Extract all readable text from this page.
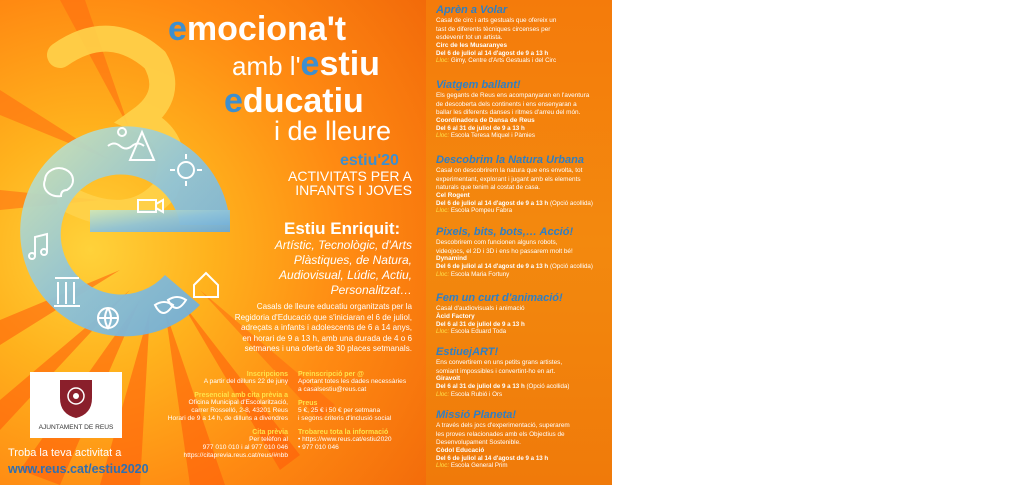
emociona't
amb l'estiu
educatiu
i de lleure
estiu'20
ACTIVITATS PER A
INFANTS I JOVES
Estiu Enriquit:
Artístic, Tecnològic, d'Arts
Plàstiques, de Natura,
Audiovisual, Lúdic, Actiu,
Personalitzat…
Casals de lleure educatiu organitzats per la
Regidoria d'Educació que s'iniciaran el 6 de juliol,
adreçats a infants i adolescents de 6 a 14 anys,
en horari de 9 a 13 h, amb una durada de 4 o 6
setmanes i una oferta de 30 places setmanals.
Inscripcions
A partir del dilluns 22 de juny
Presencial amb cita prèvia a
Oficina Municipal d'Escolarització,
carrer Rosselló, 2-8, 43201 Reus
Horari de 9 a 14 h, de dilluns a divendres
Cita prèvia
Per telèfon al
977 010 010 i al 977 010 046
https://citaprevia.reus.cat/reus/#nbb
Preinscripció per @
Aportant totes les dades necessàries
a casalsestiu@reus.cat
Preus
5 €, 25 € i 50 € per setmana
i segons criteris d'inclusió social
Trobareu tota la informació
• https://www.reus.cat/estiu2020
• 977 010 046
AJUNTAMENT DE REUS
Troba la teva activitat a
www.reus.cat/estiu2020
Aprèn a Volar
Casal de circ i arts gestuals que ofereix un
tast de diferents tècniques circenses per
esdevenir tot un artista.
Circ de les Musaranyes
Del 6 de juliol al 14 d'agost de 9 a 13 h
Lloc: Gimy, Centre d'Arts Gestuals i del Circ
Viatgem ballant!
Els gegants de Reus ens acompanyaran en l'aventura
de descoberta dels continents i ens ensenyaran a
ballar les diferents danses i ritmes d'arreu del món.
Coordinadora de Dansa de Reus
Del 6 al 31 de juliol de 9 a 13 h
Lloc: Escola Teresa Miquel i Pàmies
Descobrim la Natura Urbana
Casal on descobrirem la natura que ens envolta, tot
experimentant, explorant i jugant amb els elements
naturals que tenim al costat de casa.
Cel Rogent
Del 6 de juliol al 14 d'agost de 9 a 13 h (Opció acollida)
Lloc: Escola Pompeu Fabra
Pixels, bits, bots,… Acció!
Descobrirem com funcionen alguns robots,
videojocs, el 2D i 3D i ens ho passarem molt bé!
Dynamind
Del 6 de juliol al 14 d'agost de 9 a 13 h (Opció acollida)
Lloc: Escola Maria Fortuny
Fem un curt d'animació!
Casal d'audiovisuals i animació
Àcid Factory
Del 6 al 31 de juliol de 9 a 13 h
Lloc: Escola Eduard Toda
EstiuejART!
Ens convertirem en uns petits grans artistes,
somiant impossibles i convertint-ho en art.
Giravolt
Del 6 al 31 de juliol de 9 a 13 h (Opció acollida)
Lloc: Escola Rubió i Ors
Missió Planeta!
A través dels jocs d'experimentació, superarem
les proves relacionades amb els Objectius de
Desenvolupament Sostenible.
Còdol Educació
Del 6 de juliol al 14 d'agost de 9 a 13 h
Lloc: Escola General Prim
